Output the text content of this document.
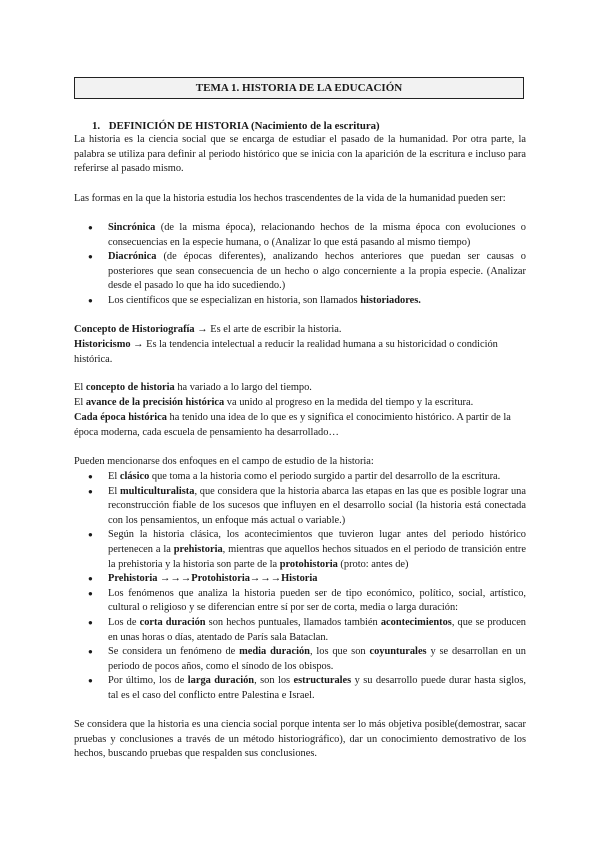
TEMA 1. HISTORIA DE LA EDUCACIÓN
1. DEFINICIÓN DE HISTORIA (Nacimiento de la escritura)

La historia es la ciencia social que se encarga de estudiar el pasado de la humanidad. Por otra parte, la palabra se utiliza para definir al periodo histórico que se inicia con la aparición de la escritura e incluso para referirse al pasado mismo.

Las formas en la que la historia estudia los hechos trascendentes de la vida de la humanidad pueden ser:

● Sincrónica (de la misma época), relacionando hechos de la misma época con evoluciones o consecuencias en la especie humana, o (Analizar lo que está pasando al mismo tiempo)
● Diacrónica (de épocas diferentes), analizando hechos anteriores que puedan ser causas o posteriores que sean consecuencia de un hecho o algo concerniente a la propia especie. (Analizar desde el pasado lo que ha ido sucediendo.)
● Los científicos que se especializan en historia, son llamados historiadores.

Concepto de Historiografía → Es el arte de escribir la historia.

Historicismo → Es la tendencia intelectual a reducir la realidad humana a su historicidad o condición histórica.

El concepto de historia ha variado a lo largo del tiempo.

El avance de la precisión histórica va unido al progreso en la medida del tiempo y la escritura.

Cada época histórica ha tenido una idea de lo que es y significa el conocimiento histórico. A partir de la época moderna, cada escuela de pensamiento ha desarrollado…

Pueden mencionarse dos enfoques en el campo de estudio de la historia:

● El clásico que toma a la historia como el periodo surgido a partir del desarrollo de la escritura.
● El multiculturalista, que considera que la historia abarca las etapas en las que es posible lograr una reconstrucción fiable de los sucesos que influyen en el desarrollo social (la historia está conectada con los pensamientos, un enfoque más actual o variable.)
● Según la historia clásica, los acontecimientos que tuvieron lugar antes del periodo histórico pertenecen a la prehistoria, mientras que aquellos hechos situados en el periodo de transición entre la prehistoria y la historia son parte de la protohistoria (proto: antes de)
● Prehistoria →→→Protohistoria→→→Historia
● Los fenómenos que analiza la historia pueden ser de tipo económico, político, social, artístico, cultural o religioso y se diferencian entre sí por ser de corta, media o larga duración:
● Los de corta duración son hechos puntuales, llamados también acontecimientos, que se producen en unas horas o días, atentado de París sala Bataclan.
● Se considera un fenómeno de media duración, los que son coyunturales y se desarrollan en un periodo de pocos años, como el sínodo de los obispos.
● Por último, los de larga duración, son los estructurales y su desarrollo puede durar hasta siglos, tal es el caso del conflicto entre Palestina e Israel.

Se considera que la historia es una ciencia social porque intenta ser lo más objetiva posible(demostrar, sacar pruebas y conclusiones a través de un método historiográfico), dar un conocimiento demostrativo de los hechos, buscando pruebas que respalden sus conclusiones.
